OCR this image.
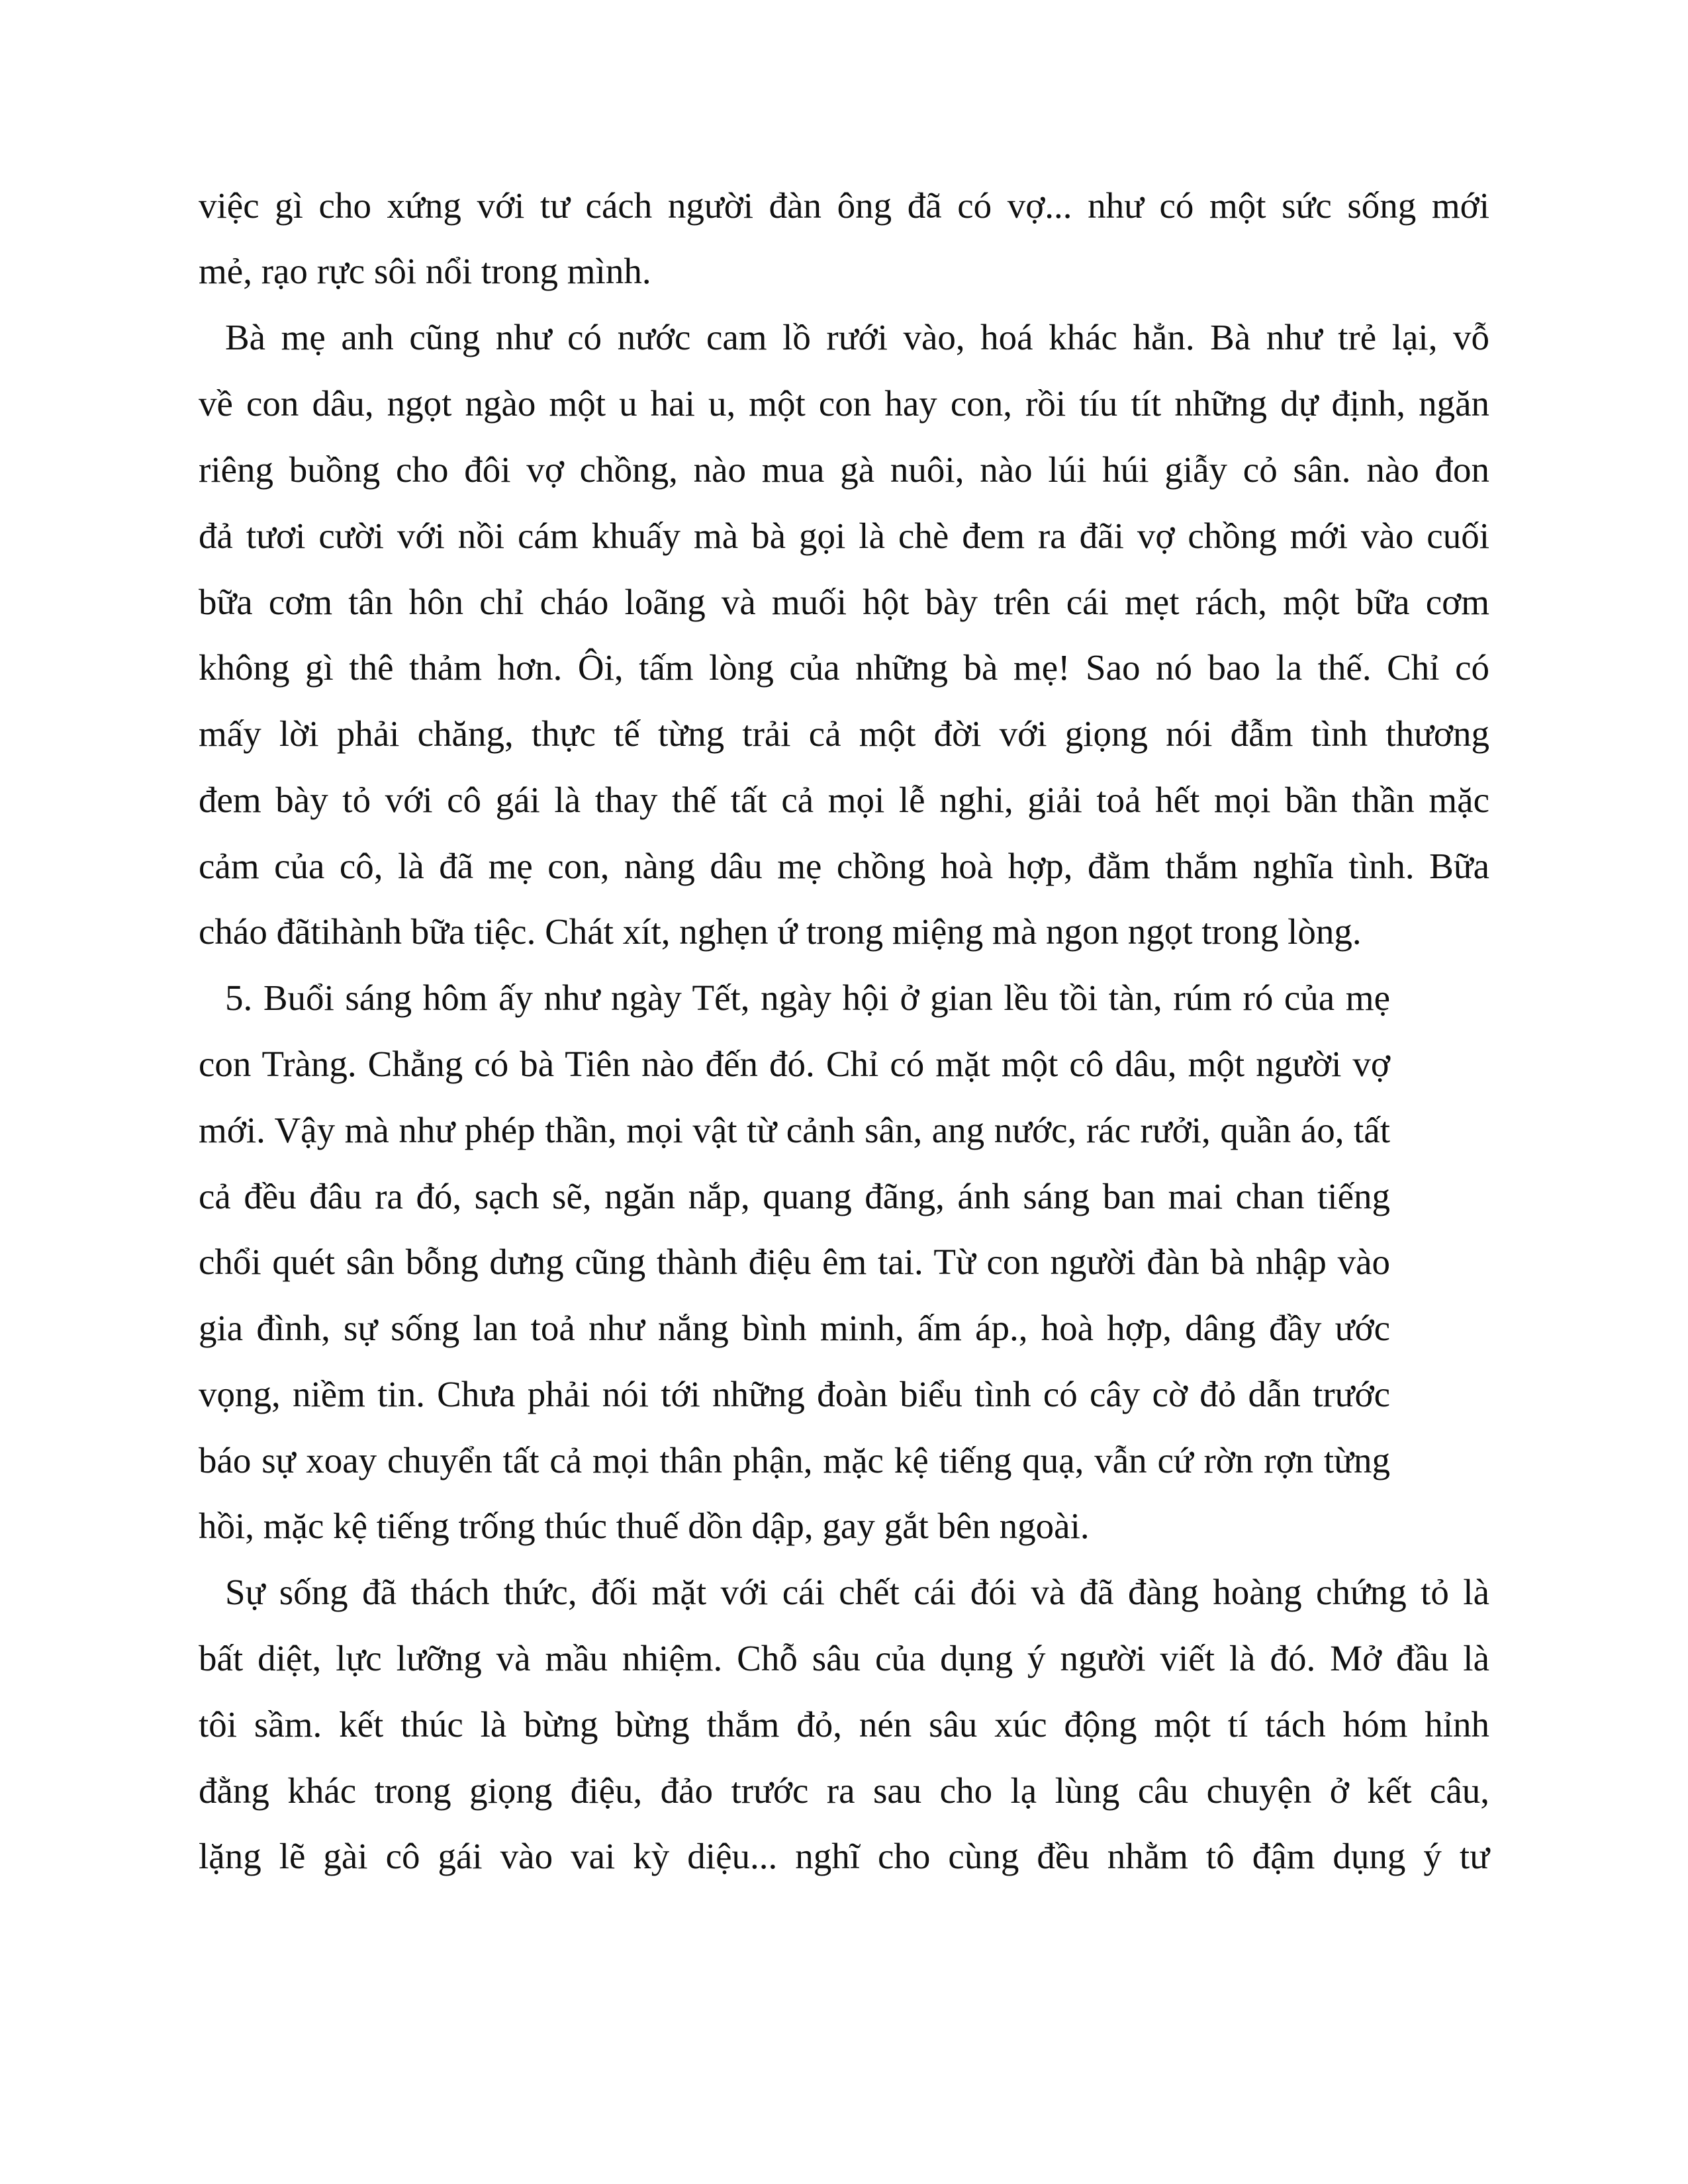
việc gì cho xứng với tư cách người đàn ông đã có vợ... như có một sức sống mới
mẻ, rạo rực sôi nổi trong mình.
Bà mẹ anh cũng như có nước cam lồ rưới vào, hoá khác hẳn. Bà như trẻ lại, vỗ
về con dâu, ngọt ngào một u hai u, một con hay con, rồi tíu tít những dự định, ngăn
riêng buồng cho đôi vợ chồng, nào mua gà nuôi, nào lúi húi giẫy cỏ sân. nào đon
đả tươi cười với nồi cám khuấy mà bà gọi là chè đem ra đãi vợ chồng mới vào cuối
bữa cơm tân hôn chỉ cháo loãng và muối hột bày trên cái mẹt rách, một bữa cơm
không gì thê thảm hơn. Ôi, tấm lòng của những bà mẹ! Sao nó bao la thế. Chỉ có
mấy lời phải chăng, thực tế từng trải cả một đời với giọng nói đẫm tình thương
đem bày tỏ với cô gái là thay thế tất cả mọi lễ nghi, giải toả hết mọi bần thần mặc
cảm của cô, là đã mẹ con, nàng dâu mẹ chồng hoà hợp, đằm thắm nghĩa tình. Bữa
cháo đãtihành bữa tiệc. Chát xít, nghẹn ứ trong miệng mà ngon ngọt trong lòng.
5. Buổi sáng hôm ấy như ngày Tết, ngày hội ở gian lều tồi tàn, rúm ró của mẹ
con Tràng. Chẳng có bà Tiên nào đến đó. Chỉ có mặt một cô dâu, một người vợ
mới. Vậy mà như phép thần, mọi vật từ cảnh sân, ang nước, rác rưởi, quần áo, tất
cả đều đâu ra đó, sạch sẽ, ngăn nắp, quang đãng, ánh sáng ban mai chan tiếng
chổi quét sân bỗng dưng cũng thành điệu êm tai. Từ con người đàn bà nhập vào
gia đình, sự sống lan toả như nắng bình minh, ấm áp., hoà hợp, dâng đầy ước
vọng, niềm tin. Chưa phải nói tới những đoàn biểu tình có cây cờ đỏ dẫn trước
báo sự xoay chuyển tất cả mọi thân phận, mặc kệ tiếng quạ, vẫn cứ rờn rợn từng
hồi, mặc kệ tiếng trống thúc thuế dồn dập, gay gắt bên ngoài.
Sự sống đã thách thức, đối mặt với cái chết cái đói và đã đàng hoàng chứng tỏ là
bất diệt, lực lưỡng và mầu nhiệm. Chỗ sâu của dụng ý người viết là đó. Mở đầu là
tôi sầm. kết thúc là bừng bừng thắm đỏ, nén sâu xúc động một tí tách hóm hỉnh
đằng khác trong giọng điệu, đảo trước ra sau cho lạ lùng câu chuyện ở kết câu,
lặng lẽ gài cô gái vào vai kỳ diệu... nghĩ cho cùng đều nhằm tô đậm dụng ý tư
